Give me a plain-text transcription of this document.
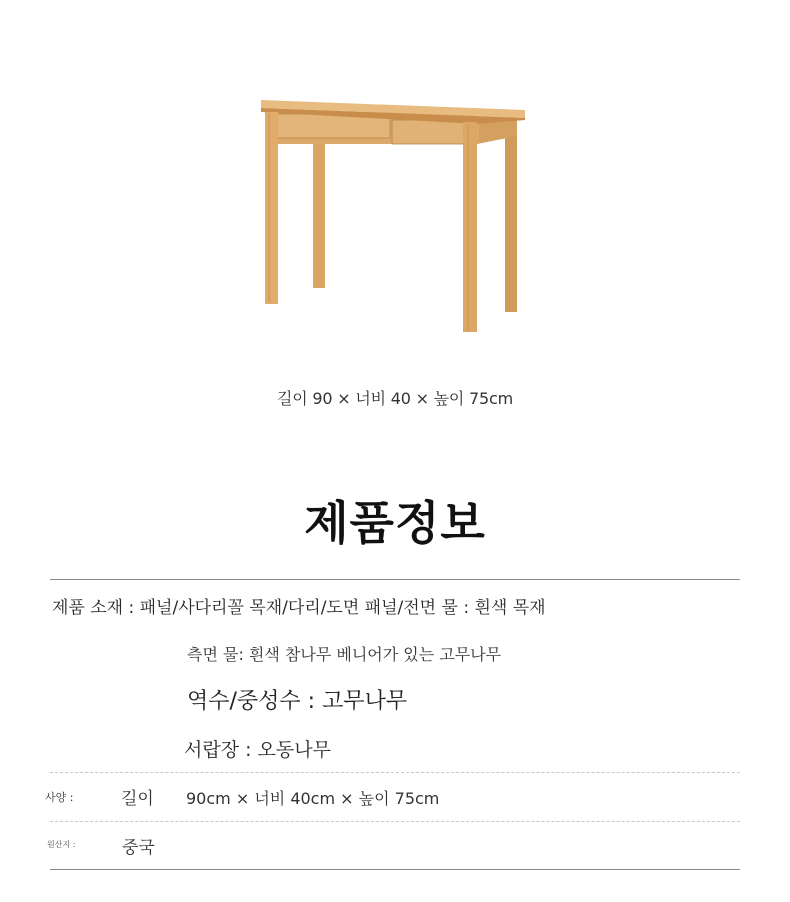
길이 90 × 너비 40 × 높이 75cm
제품정보
제품 소재 : 패널/사다리꼴 목재/다리/도면 패널/전면 물 : 흰색 목재
측면 물: 흰색 참나무 베니어가 있는 고무나무
역수/중성수 : 고무나무
서랍장 : 오동나무
사양 :	길이 90cm × 너비 40cm × 높이 75cm
원산지 :	중국
